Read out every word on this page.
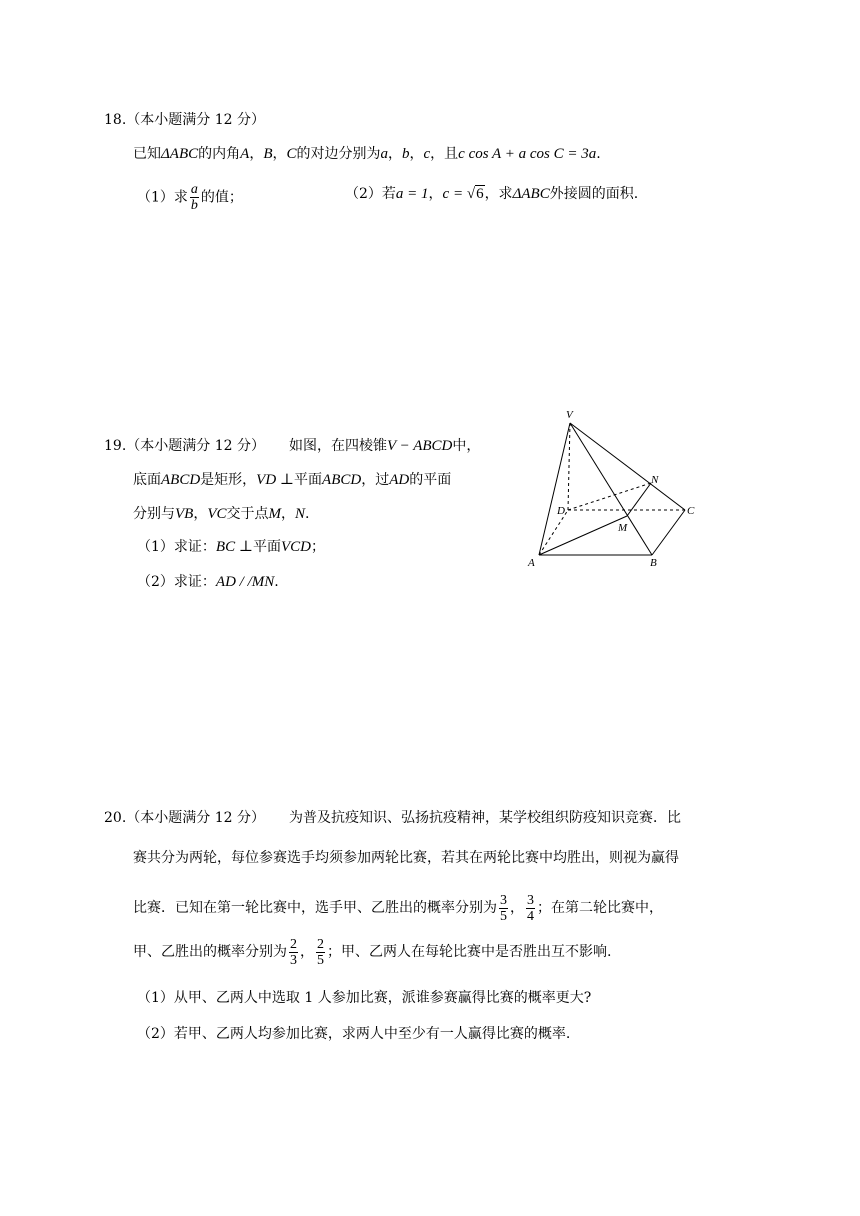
18.（本小题满分 12 分）
已知ΔABC的内角A，B，C的对边分别为a，b，c，且c cos A + a cos C = 3a.
（1）求 $\frac{a}{b}$ 的值；	（2）若a = 1，c = √6，求ΔABC外接圆的面积.
19.（本小题满分 12 分） 如图，在四棱锥V − ABCD中，
底面ABCD是矩形，VD ⊥平面ABCD，过AD的平面
分别与VB，VC交于点M，N.
（1）求证：BC ⊥平面VCD；
（2）求证：AD / /MN.
V
N
D	C
M
A	B
20.（本小题满分 12 分） 为普及抗疫知识、弘扬抗疫精神，某学校组织防疫知识竞赛．比
赛共分为两轮，每位参赛选手均须参加两轮比赛，若其在两轮比赛中均胜出，则视为赢得
比赛．已知在第一轮比赛中，选手甲、乙胜出的概率分别为 $\frac{3}{5}$ ， $\frac{3}{4}$ ；在第二轮比赛中，
甲、乙胜出的概率分别为 $\frac{2}{3}$ ， $\frac{2}{5}$ ；甲、乙两人在每轮比赛中是否胜出互不影响.
（1）从甲、乙两人中选取 1 人参加比赛，派谁参赛赢得比赛的概率更大?
（2）若甲、乙两人均参加比赛，求两人中至少有一人赢得比赛的概率.
